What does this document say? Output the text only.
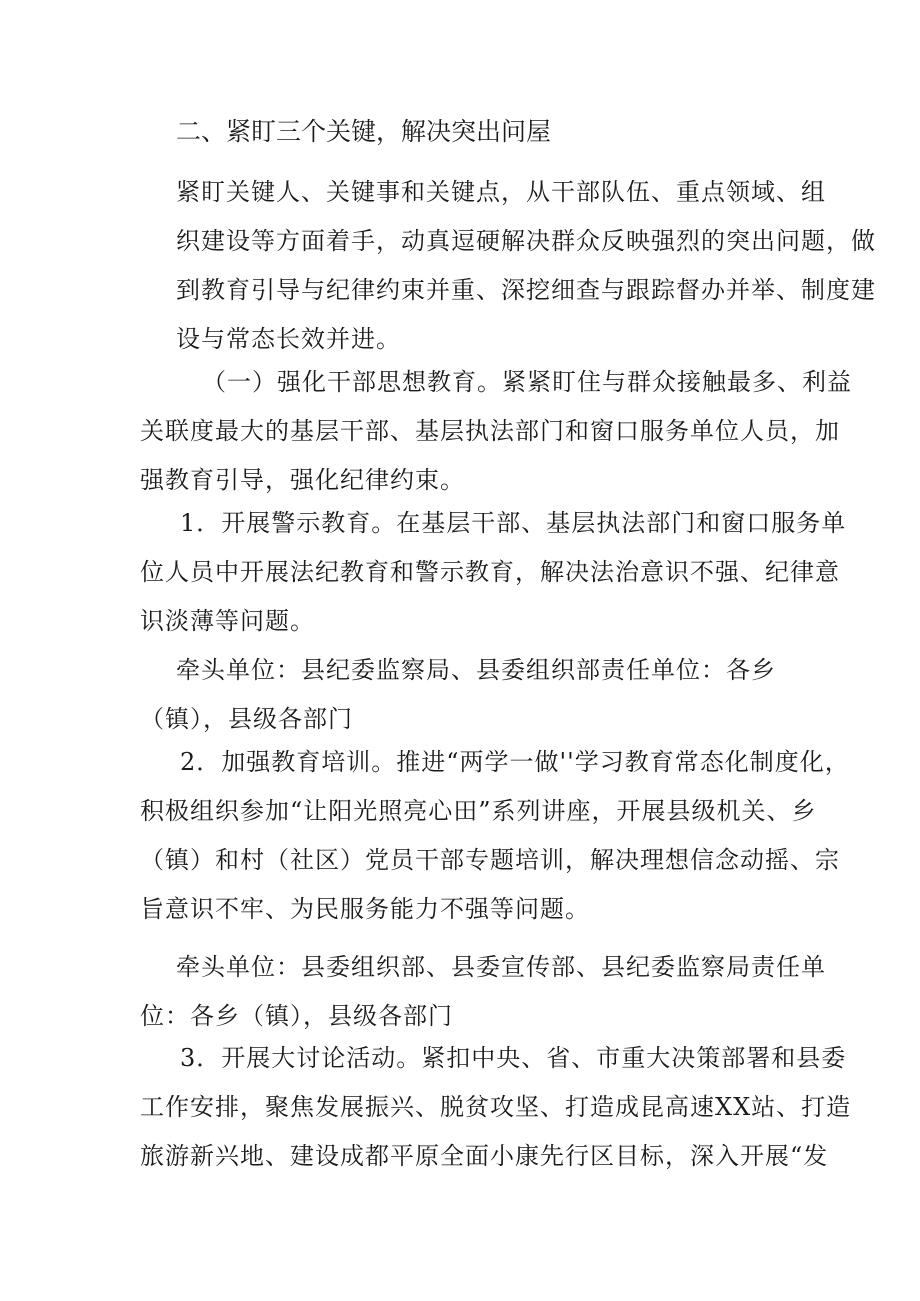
二、紧盯三个关键，解决突出问屋

紧盯关键人、关键事和关键点，从干部队伍、重点领域、组
织建设等方面着手，动真逗硬解决群众反映强烈的突出问题，做
到教育引导与纪律约束并重、深挖细查与跟踪督办并举、制度建
设与常态长效并进。

（一）强化干部思想教育。紧紧盯住与群众接触最多、利益
关联度最大的基层干部、基层执法部门和窗口服务单位人员，加
强教育引导，强化纪律约束。

1．开展警示教育。在基层干部、基层执法部门和窗口服务单
位人员中开展法纪教育和警示教育，解决法治意识不强、纪律意
识淡薄等问题。

牵头单位：县纪委监察局、县委组织部责任单位：各乡
（镇），县级各部门

2．加强教育培训。推进“两学一做''学习教育常态化制度化，
积极组织参加“让阳光照亮心田”系列讲座，开展县级机关、乡
（镇）和村（社区）党员干部专题培训，解决理想信念动摇、宗
旨意识不牢、为民服务能力不强等问题。

牵头单位：县委组织部、县委宣传部、县纪委监察局责任单
位：各乡（镇），县级各部门

3．开展大讨论活动。紧扣中央、省、市重大决策部署和县委
工作安排，聚焦发展振兴、脱贫攻坚、打造成昆高速XX站、打造
旅游新兴地、建设成都平原全面小康先行区目标，深入开展“发
